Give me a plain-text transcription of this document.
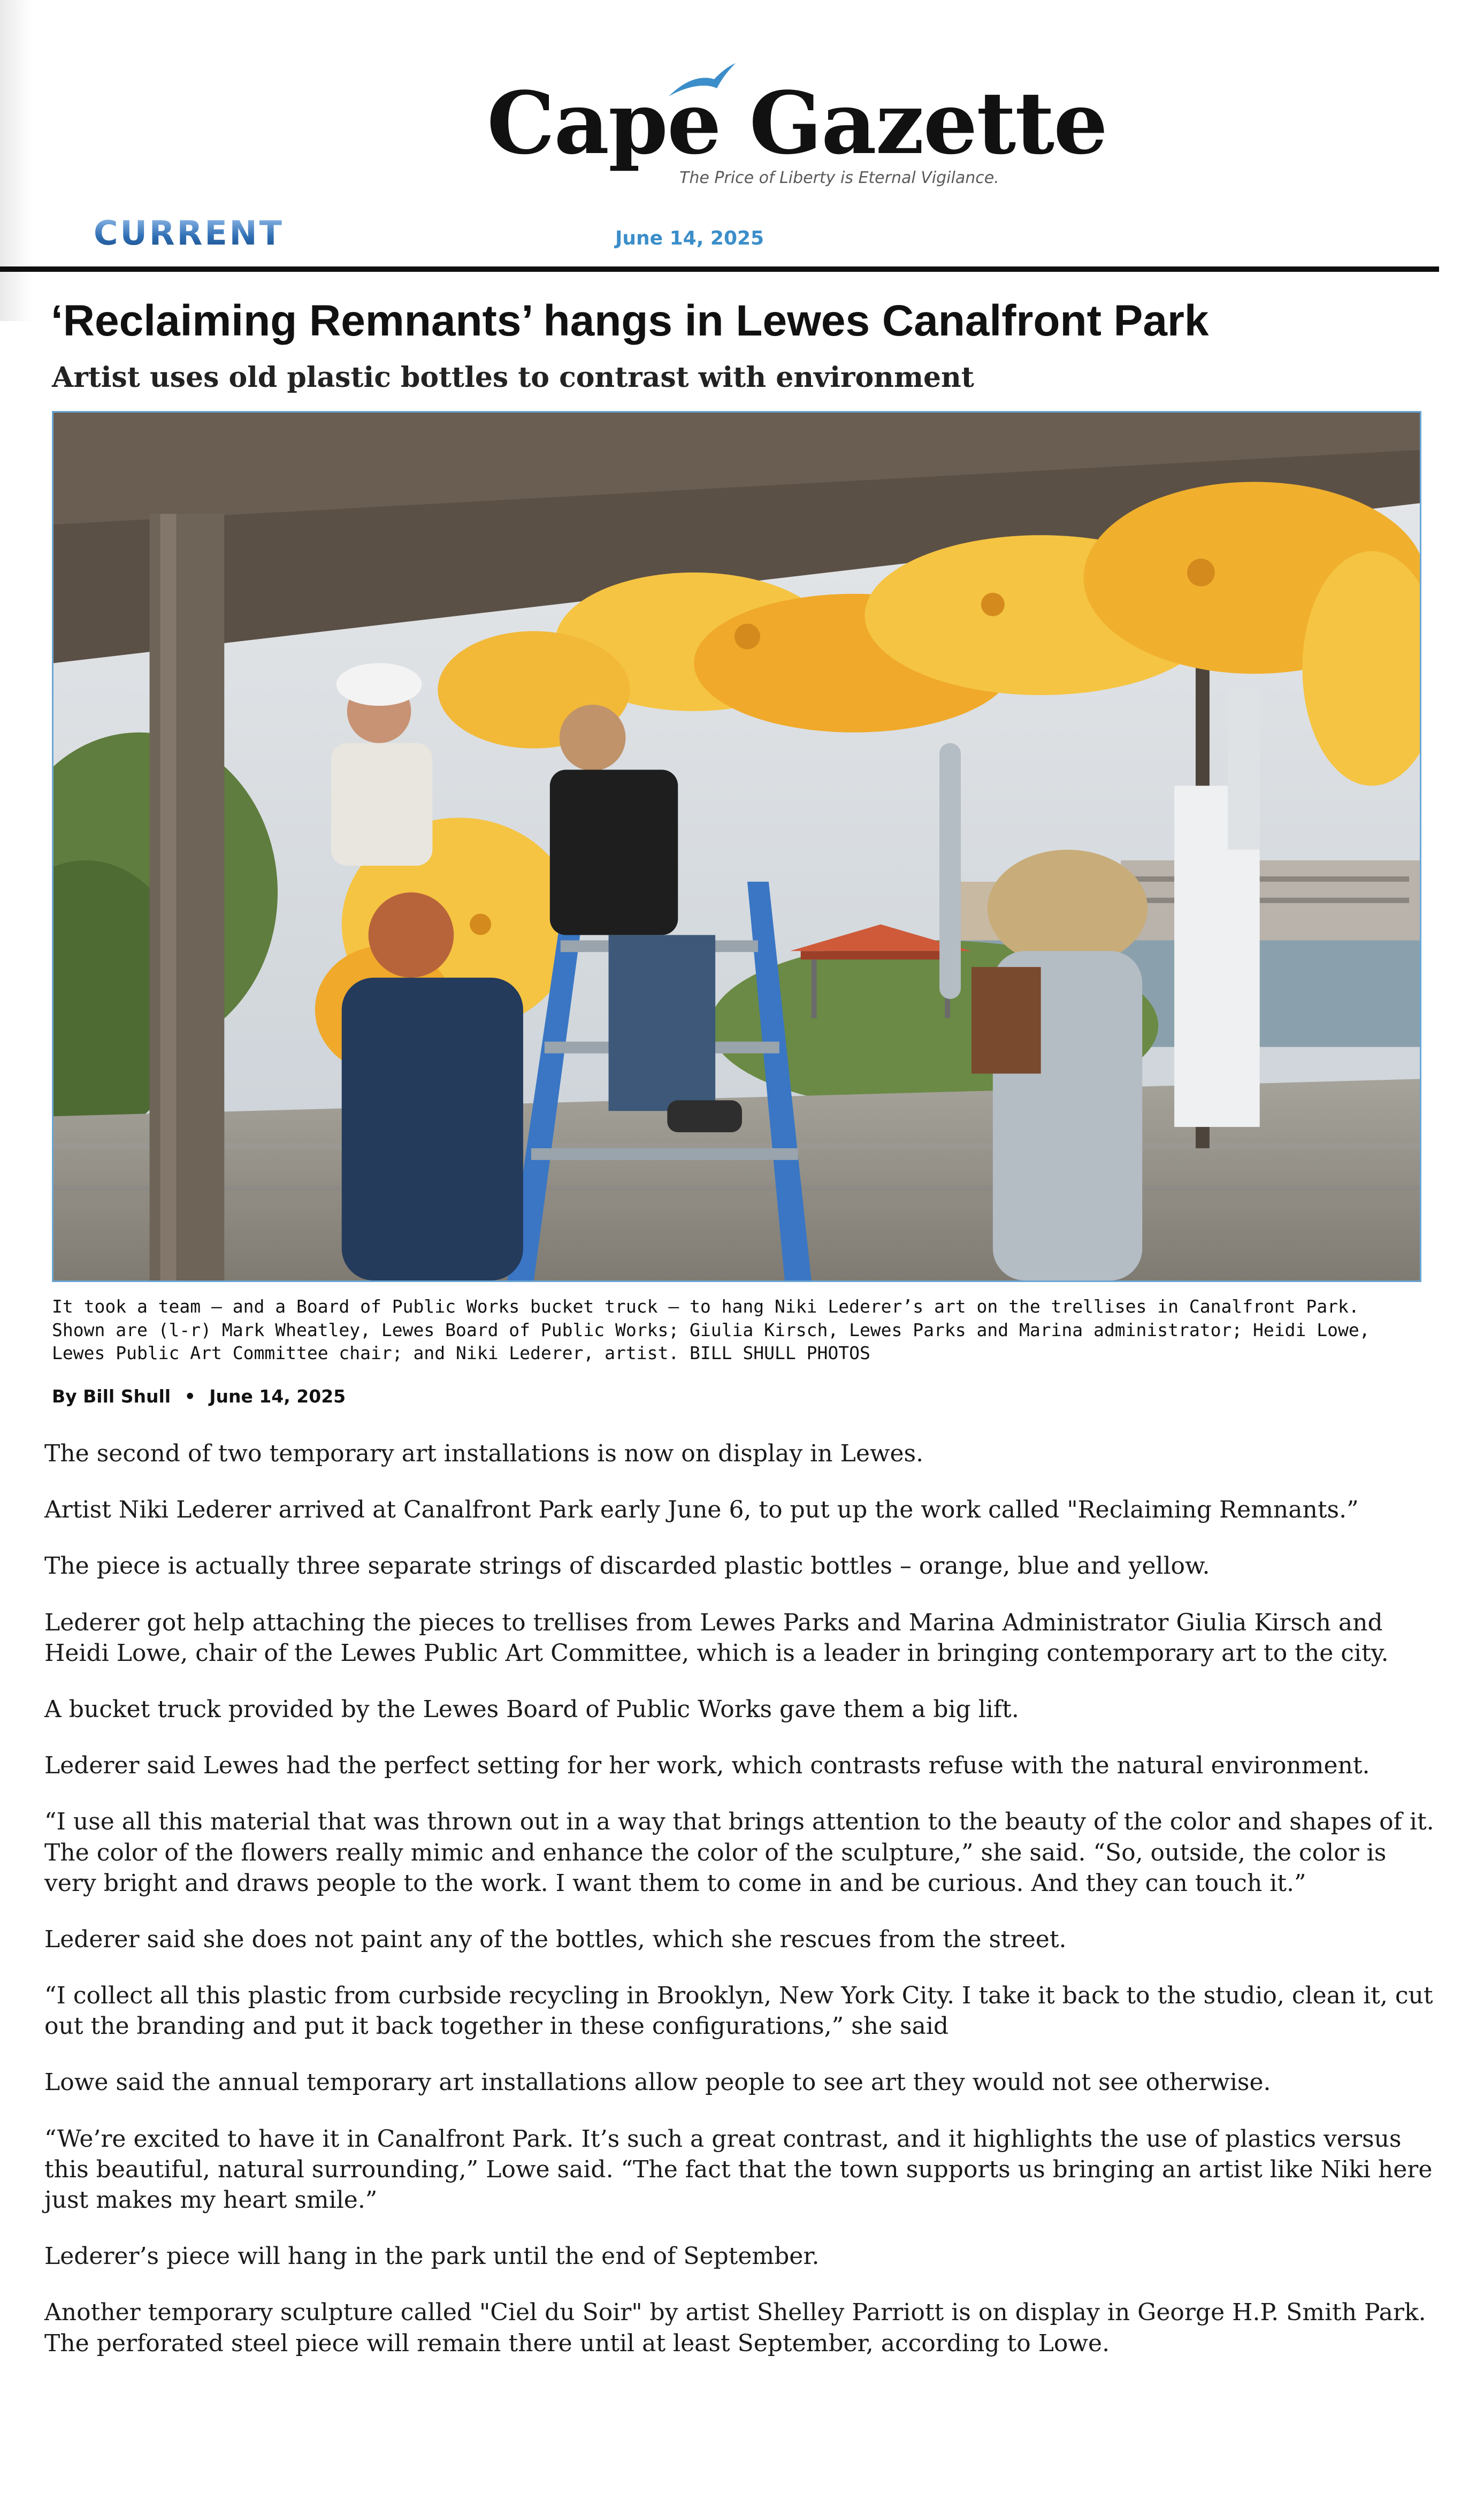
Cape Gazette
The Price of Liberty is Eternal Vigilance.
CURRENT	June 14, 2025
‘Reclaiming Remnants’ hangs in Lewes Canalfront Park
Artist uses old plastic bottles to contrast with environment

It took a team – and a Board of Public Works bucket truck – to hang Niki Lederer’s art on the trellises in Canalfront Park. Shown are (l-r) Mark Wheatley, Lewes Board of Public Works; Giulia Kirsch, Lewes Parks and Marina administrator; Heidi Lowe, Lewes Public Art Committee chair; and Niki Lederer, artist. BILL SHULL PHOTOS

By Bill Shull • June 14, 2025

The second of two temporary art installations is now on display in Lewes.

Artist Niki Lederer arrived at Canalfront Park early June 6, to put up the work called "Reclaiming Remnants.”

The piece is actually three separate strings of discarded plastic bottles – orange, blue and yellow.

Lederer got help attaching the pieces to trellises from Lewes Parks and Marina Administrator Giulia Kirsch and Heidi Lowe, chair of the Lewes Public Art Committee, which is a leader in bringing contemporary art to the city.

A bucket truck provided by the Lewes Board of Public Works gave them a big lift.

Lederer said Lewes had the perfect setting for her work, which contrasts refuse with the natural environment.

“I use all this material that was thrown out in a way that brings attention to the beauty of the color and shapes of it. The color of the flowers really mimic and enhance the color of the sculpture,” she said. “So, outside, the color is very bright and draws people to the work. I want them to come in and be curious. And they can touch it.”

Lederer said she does not paint any of the bottles, which she rescues from the street.

“I collect all this plastic from curbside recycling in Brooklyn, New York City. I take it back to the studio, clean it, cut out the branding and put it back together in these configurations,” she said

Lowe said the annual temporary art installations allow people to see art they would not see otherwise.

“We’re excited to have it in Canalfront Park. It’s such a great contrast, and it highlights the use of plastics versus this beautiful, natural surrounding,” Lowe said. “The fact that the town supports us bringing an artist like Niki here just makes my heart smile.”

Lederer’s piece will hang in the park until the end of September.

Another temporary sculpture called "Ciel du Soir" by artist Shelley Parriott is on display in George H.P. Smith Park. The perforated steel piece will remain there until at least September, according to Lowe.
